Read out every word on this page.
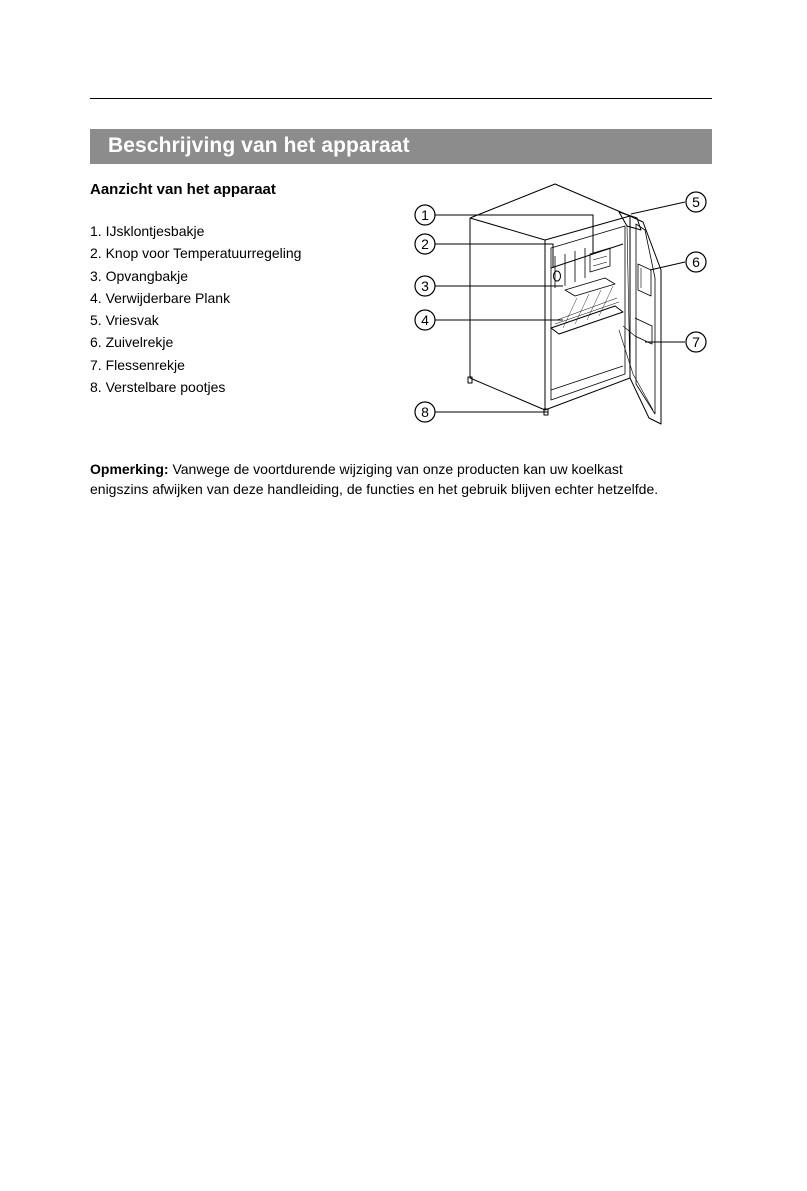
Beschrijving van het apparaat
Aanzicht van het apparaat
1. IJsklontjesbakje
2. Knop voor Temperatuurregeling
3. Opvangbakje
4. Verwijderbare Plank
5. Vriesvak
6. Zuivelrekje
7. Flessenrekje
8. Verstelbare pootjes
1
2
3
4
5
6
7
8
Opmerking: Vanwege de voortdurende wijziging van onze producten kan uw koelkast
enigszins afwijken van deze handleiding, de functies en het gebruik blijven echter hetzelfde.
